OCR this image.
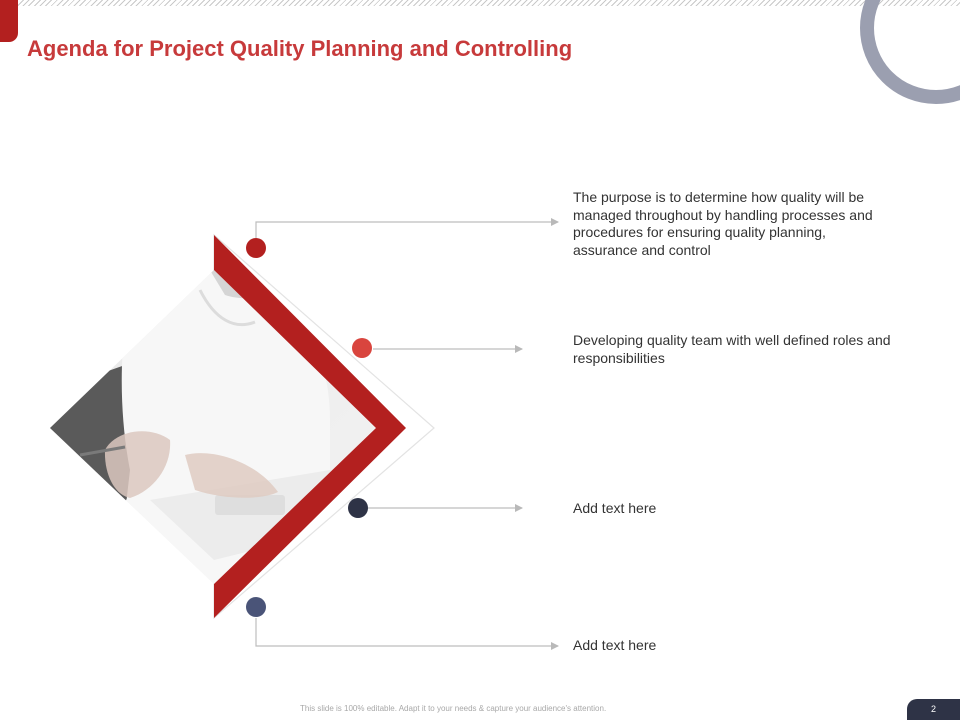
Agenda for Project Quality Planning and Controlling
The purpose is to determine how quality will be managed throughout by handling processes and procedures for ensuring quality planning, assurance and control
Developing quality team with well defined roles and responsibilities
Add text here
Add text here
This slide is 100% editable. Adapt it to your needs & capture your audience's attention.	2
